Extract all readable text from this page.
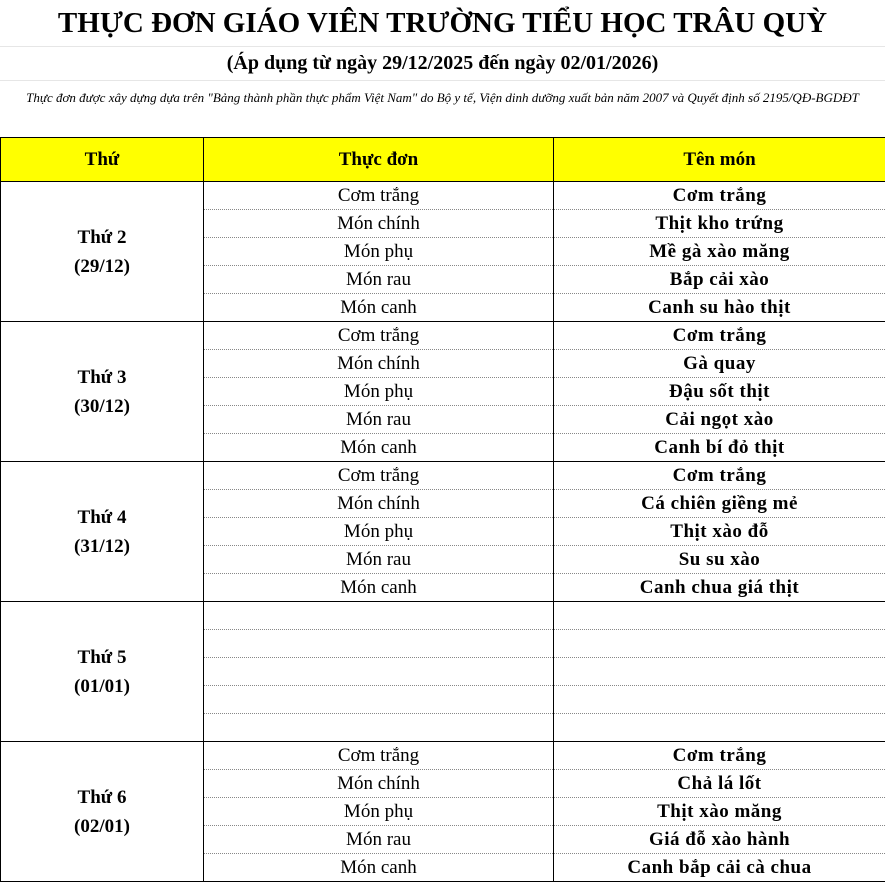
THỰC ĐƠN GIÁO VIÊN TRƯỜNG TIỂU HỌC TRÂU QUỲ
(Áp dụng từ ngày 29/12/2025 đến ngày 02/01/2026)
Thực đơn được xây dựng dựa trên "Bảng thành phần thực phẩm Việt Nam" do Bộ y tế, Viện dinh dưỡng xuất bản năm 2007 và Quyết định số 2195/QĐ-BGDĐT
Thứ	Thực đơn	Tên món

Thứ 2
(29/12)	Cơm trắng	Cơm trắng
	Món chính	Thịt kho trứng
	Món phụ	Mề gà xào măng
	Món rau	Bắp cải xào
	Món canh	Canh su hào thịt

Thứ 3
(30/12)	Cơm trắng	Cơm trắng
	Món chính	Gà quay
	Món phụ	Đậu sốt thịt
	Món rau	Cải ngọt xào
	Món canh	Canh bí đỏ thịt

Thứ 4
(31/12)	Cơm trắng	Cơm trắng
	Món chính	Cá chiên giềng mẻ
	Món phụ	Thịt xào đỗ
	Món rau	Su su xào
	Món canh	Canh chua giá thịt

Thứ 5
(01/01)		

Thứ 6
(02/01)	Cơm trắng	Cơm trắng
	Món chính	Chả lá lốt
	Món phụ	Thịt xào măng
	Món rau	Giá đỗ xào hành
	Món canh	Canh bắp cải cà chua
